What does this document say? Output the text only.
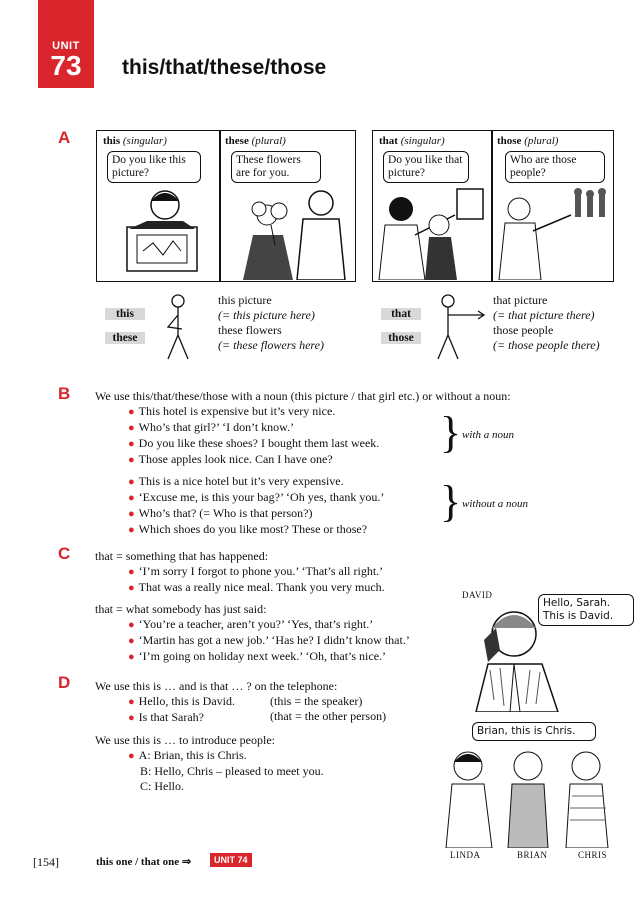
UNIT
73	this/that/these/those
A	this (singular)
Do you like this picture?
these (plural)
These flowers are for you.
that (singular)
Do you like that picture?
those (plural)
Who are those people?
this
these
this picture
(= this picture here)
these flowers
(= these flowers here)
that
those
that picture
(= that picture there)
those people
(= those people there)
B We use this/that/these/those with a noun (this picture / that girl etc.) or without a noun:
● This hotel is expensive but it’s very nice.
● Who’s that girl?’ ‘I don’t know.’
● Do you like these shoes? I bought them last week.
● Those apples look nice. Can I have one?
} with a noun
● This is a nice hotel but it’s very expensive.
● ‘Excuse me, is this your bag?’ ‘Oh yes, thank you.’
● Who’s that? (= Who is that person?)
● Which shoes do you like most? These or those?
} without a noun
C that = something that has happened:
● ‘I’m sorry I forgot to phone you.’ ‘That’s all right.’
● That was a really nice meal. Thank you very much.
that = what somebody has just said:
● ‘You’re a teacher, aren’t you?’ ‘Yes, that’s right.’
● ‘Martin has got a new job.’ ‘Has he? I didn’t know that.’
● ‘I’m going on holiday next week.’ ‘Oh, that’s nice.’
DAVID
Hello, Sarah. This is David.
D We use this is … and is that … ? on the telephone:
● Hello, this is David.
● Is that Sarah?
(this = the speaker)
(that = the other person)
We use this is … to introduce people:
● A: Brian, this is Chris.
B: Hello, Chris – pleased to meet you.
C: Hello.
Brian, this is Chris.
LINDA	BRIAN	CHRIS
[154]	this one / that one ⇒	UNIT 74
